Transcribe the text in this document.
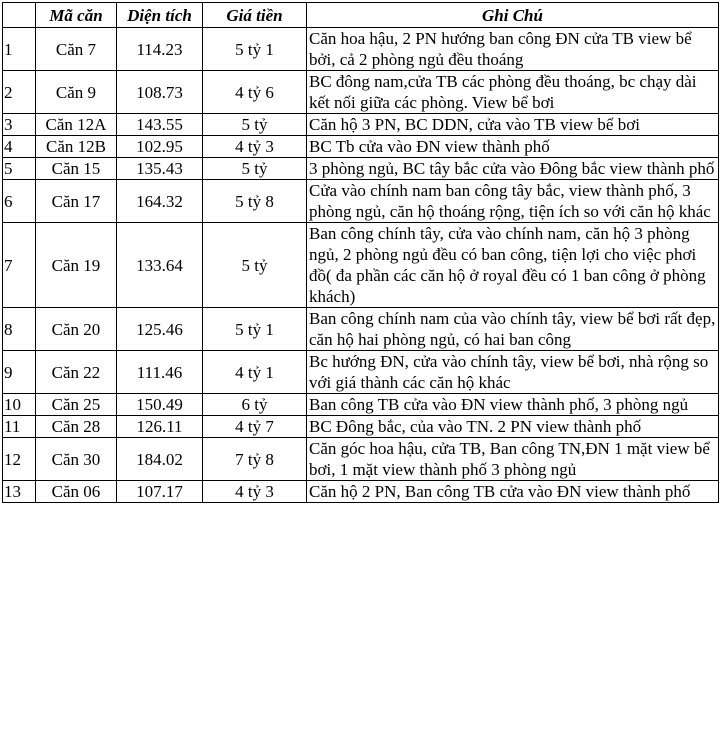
	Mã căn	Diện tích	Giá tiền	Ghi Chú
1	Căn 7	114.23	5 tỷ 1	Căn hoa hậu, 2 PN hướng ban công ĐN cửa TB view bể bởi, cả 2 phòng ngủ đều thoáng
2	Căn 9	108.73	4 tỷ 6	BC đông nam,cửa TB các phòng đều thoáng, bc chạy dài kết nối giữa các phòng. View bể bơi
3	Căn 12A	143.55	5 tỷ	Căn hộ 3 PN, BC DDN, cửa vào TB view bể bơi
4	Căn 12B	102.95	4 tỷ 3	BC Tb cửa vào ĐN view thành phố
5	Căn 15	135.43	5 tỷ	3 phòng ngủ, BC tây bắc cửa vào Đông bắc view thành phố
6	Căn 17	164.32	5 tỷ 8	Cửa vào chính nam ban công tây bắc, view thành phố, 3 phòng ngủ, căn hộ thoáng rộng, tiện ích so với căn hộ khác
7	Căn 19	133.64	5 tỷ	Ban công chính tây, cửa vào chính nam, căn hộ 3 phòng ngủ, 2 phòng ngủ đều có ban công, tiện lợi cho việc phơi đồ( đa phần các căn hộ ở royal đều có 1 ban công ở phòng khách)
8	Căn 20	125.46	5 tỷ 1	Ban công chính nam của vào chính tây, view bể bơi rất đẹp, căn hộ hai phòng ngủ, có hai ban công
9	Căn 22	111.46	4 tỷ 1	Bc hướng ĐN, cửa vào chính tây, view bể bơi, nhà rộng so với giá thành các căn hộ khác
10	Căn 25	150.49	6 tỷ	Ban công TB cửa vào ĐN view thành phố, 3 phòng ngủ
11	Căn 28	126.11	4 tỷ 7	BC Đông bắc, của vào TN. 2 PN view thành phố
12	Căn 30	184.02	7 tỷ 8	Căn góc hoa hậu, cửa TB, Ban công TN,ĐN 1 mặt view bể bơi, 1 mặt view thành phố 3 phòng ngủ
13	Căn 06	107.17	4 tỷ 3	Căn hộ 2 PN, Ban công TB cửa vào ĐN view thành phố
